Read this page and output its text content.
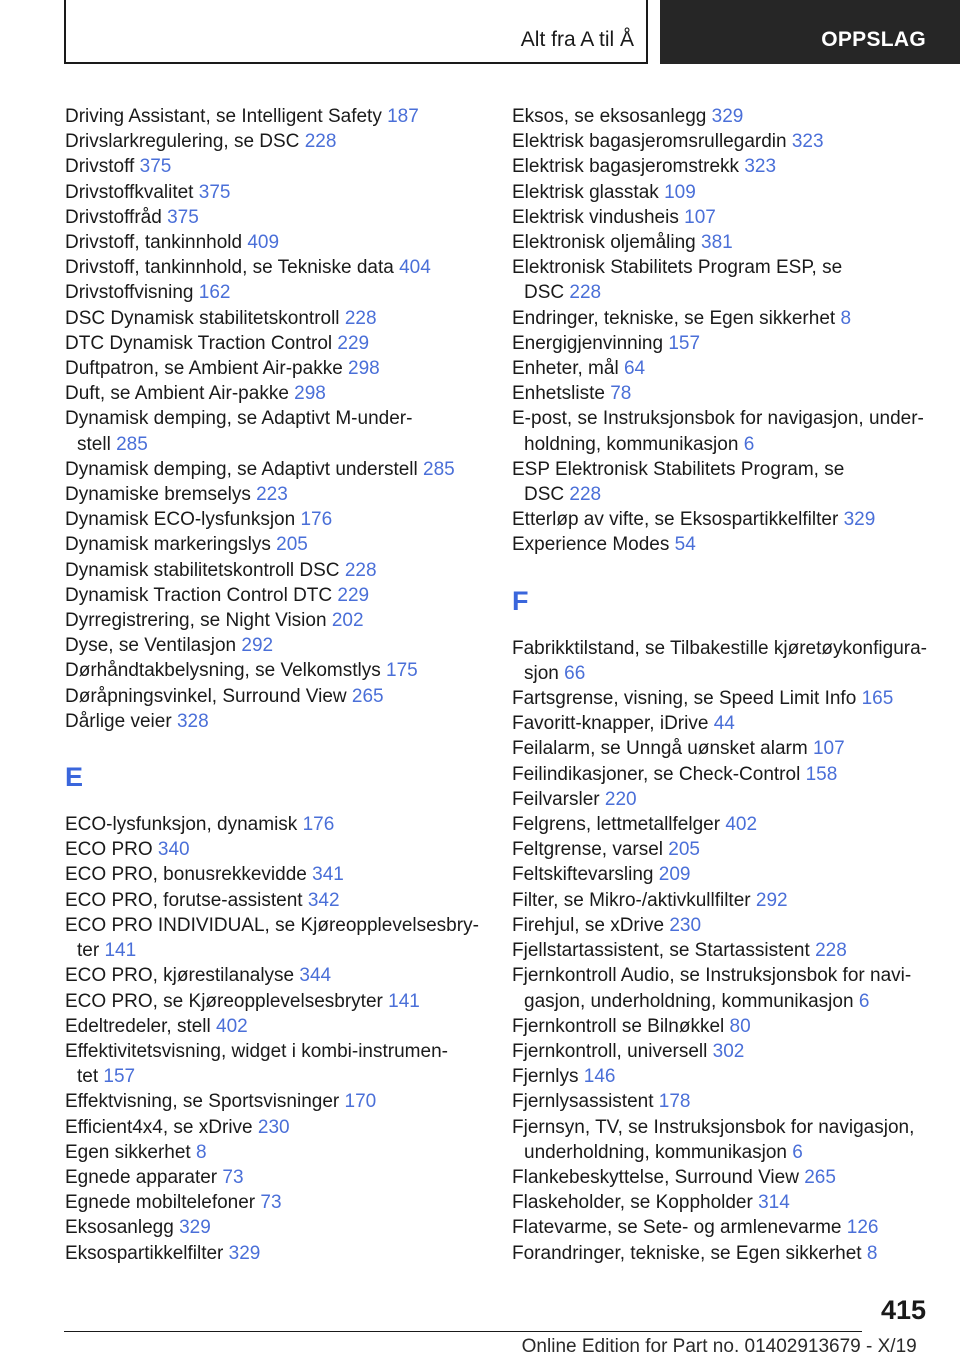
Alt fra A til Å	OPPSLAG
Driving Assistant, se Intelligent Safety 187
Drivslarkregulering, se DSC 228
Drivstoff 375
Drivstoffkvalitet 375
Drivstoffråd 375
Drivstoff, tankinnhold 409
Drivstoff, tankinnhold, se Tekniske data 404
Drivstoffvisning 162
DSC Dynamisk stabilitetskontroll 228
DTC Dynamisk Traction Control 229
Duftpatron, se Ambient Air-pakke 298
Duft, se Ambient Air-pakke 298
Dynamisk demping, se Adaptivt M-under-
stell 285
Dynamisk demping, se Adaptivt understell 285
Dynamiske bremselys 223
Dynamisk ECO-lysfunksjon 176
Dynamisk markeringslys 205
Dynamisk stabilitetskontroll DSC 228
Dynamisk Traction Control DTC 229
Dyrregistrering, se Night Vision 202
Dyse, se Ventilasjon 292
Dørhåndtakbelysning, se Velkomstlys 175
Døråpningsvinkel, Surround View 265
Dårlige veier 328
E
ECO-lysfunksjon, dynamisk 176
ECO PRO 340
ECO PRO, bonusrekkevidde 341
ECO PRO, forutse-assistent 342
ECO PRO INDIVIDUAL, se Kjøreopplevelsesbry-
ter 141
ECO PRO, kjørestilanalyse 344
ECO PRO, se Kjøreopplevelsesbryter 141
Edeltredeler, stell 402
Effektivitetsvisning, widget i kombi-instrumen-
tet 157
Effektvisning, se Sportsvisninger 170
Efficient4x4, se xDrive 230
Egen sikkerhet 8
Egnede apparater 73
Egnede mobiltelefoner 73
Eksosanlegg 329
Eksospartikkelfilter 329
Eksos, se eksosanlegg 329
Elektrisk bagasjeromsrullegardin 323
Elektrisk bagasjeromstrekk 323
Elektrisk glasstak 109
Elektrisk vindusheis 107
Elektronisk oljemåling 381
Elektronisk Stabilitets Program ESP, se
DSC 228
Endringer, tekniske, se Egen sikkerhet 8
Energigjenvinning 157
Enheter, mål 64
Enhetsliste 78
E-post, se Instruksjonsbok for navigasjon, under-
holdning, kommunikasjon 6
ESP Elektronisk Stabilitets Program, se
DSC 228
Etterløp av vifte, se Eksospartikkelfilter 329
Experience Modes 54
F
Fabrikktilstand, se Tilbakestille kjøretøykonfigura-
sjon 66
Fartsgrense, visning, se Speed Limit Info 165
Favoritt-knapper, iDrive 44
Feilalarm, se Unngå uønsket alarm 107
Feilindikasjoner, se Check-Control 158
Feilvarsler 220
Felgrens, lettmetallfelger 402
Feltgrense, varsel 205
Feltskiftevarsling 209
Filter, se Mikro-/aktivkullfilter 292
Firehjul, se xDrive 230
Fjellstartassistent, se Startassistent 228
Fjernkontroll Audio, se Instruksjonsbok for navi-
gasjon, underholdning, kommunikasjon 6
Fjernkontroll se Bilnøkkel 80
Fjernkontroll, universell 302
Fjernlys 146
Fjernlysassistent 178
Fjernsyn, TV, se Instruksjonsbok for navigasjon,
underholdning, kommunikasjon 6
Flankebeskyttelse, Surround View 265
Flaskeholder, se Koppholder 314
Flatevarme, se Sete- og armlenevarme 126
Forandringer, tekniske, se Egen sikkerhet 8
415
Online Edition for Part no. 01402913679 - X/19
